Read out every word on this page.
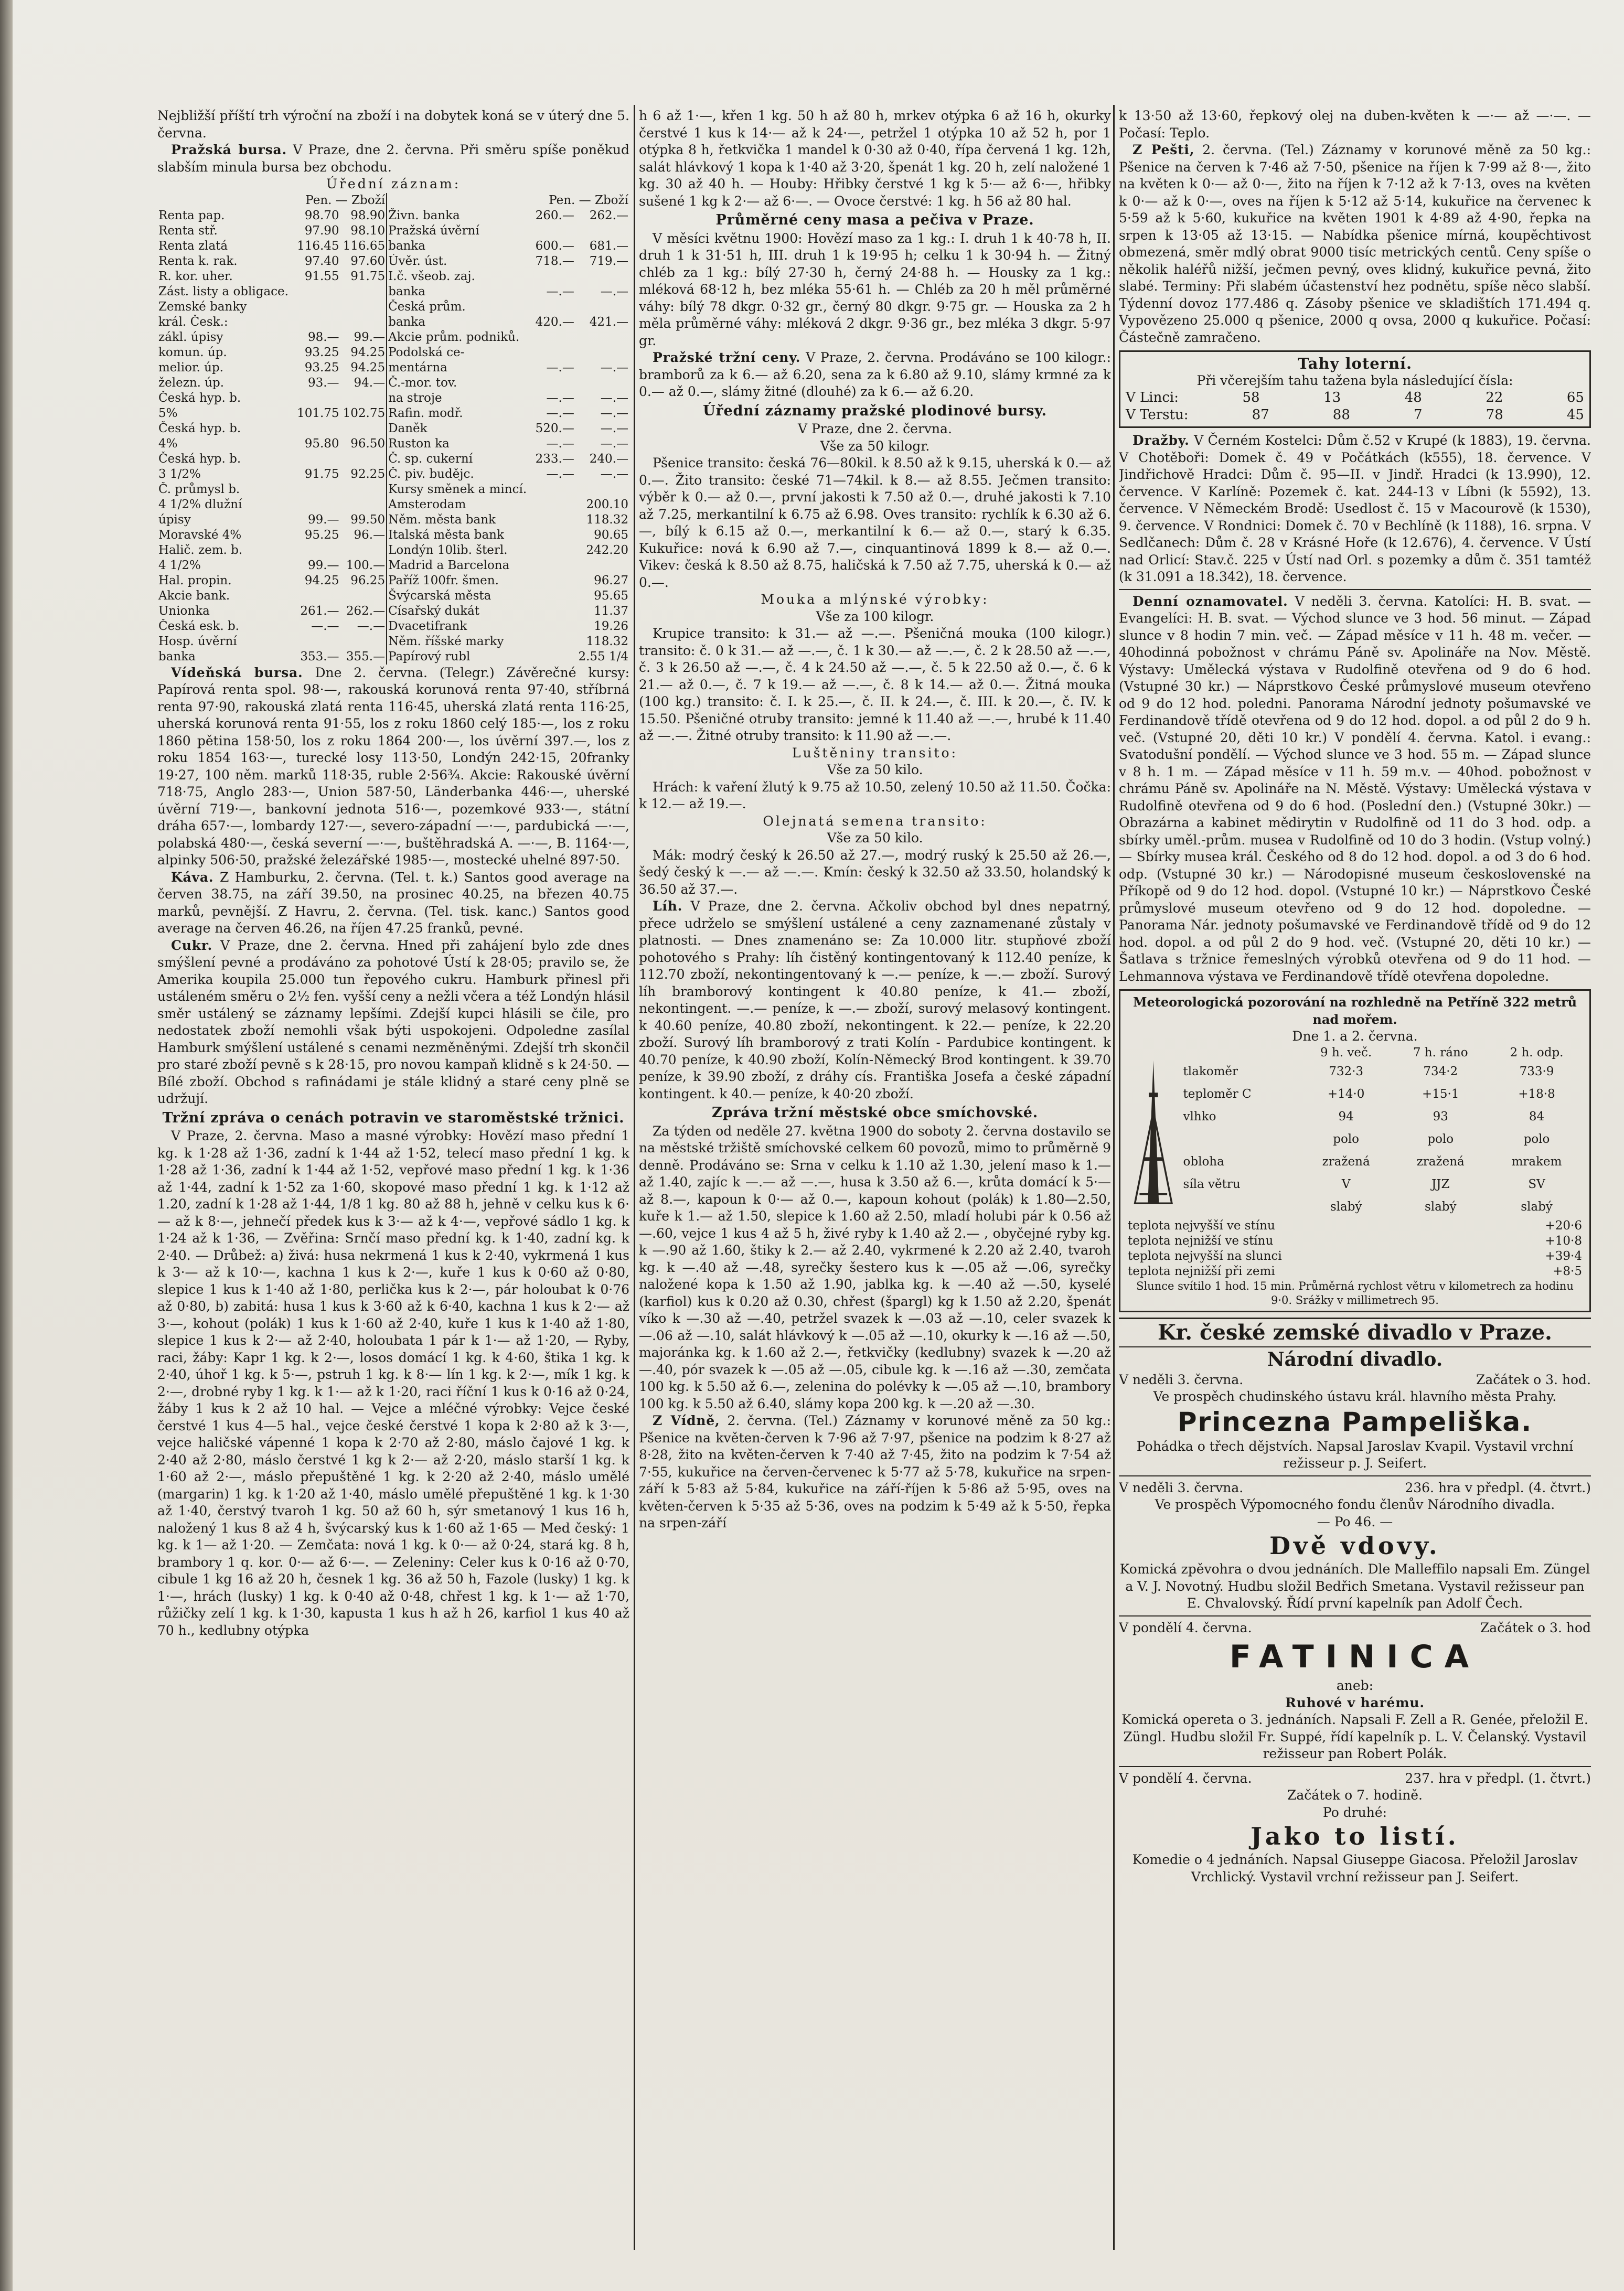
Nejbližší příští trh výroční na zboží i na dobytek koná se v úterý dne 5. června.

Pražská bursa. V Praze, dne 2. června. Při směru spíše poněkud slabším minula bursa bez obchodu.

Úřední záznam:

Pen. — Zboží			Pen. — Zboží		
Renta pap.	98.70	98.90	Živn. banka	260.—	262.—
Renta stř.	97.90	98.10	Pražská úvěrní		
Renta zlatá	116.45	116.65	banka	600.—	681.—
Renta k. rak.	97.40	97.60	Úvěr. úst.	718.—	719.—
R. kor. uher.	91.55	91.75	I.č. všeob. zaj.		
Zást. listy a obligace.			banka	—.—	—.—
Zemské banky			Česká prům.		
král. Česk.:			banka	420.—	421.—
zákl. úpisy	98.—	99.—	Akcie prům. podniků.		
komun. úp.	93.25	94.25	Podolská ce-		
melior. úp.	93.25	94.25	mentárna	—.—	—.—
železn. úp.	93.—	94.—	Č.-mor. tov.		
Česká hyp. b.			na stroje	—.—	—.—
5%	101.75	102.75	Rafin. modř.	—.—	—.—
Česká hyp. b.			Daněk	520.—	—.—
4%	95.80	96.50	Ruston ka	—.—	—.—
Česká hyp. b.			Č. sp. cukerní	233.—	240.—
3 1/2%	91.75	92.25	Č. piv. budějc.	—.—	—.—
Č. průmysl b.			Kursy směnek a mincí.		
4 1/2% dlužní			Amsterodam		200.10
úpisy	99.—	99.50	Něm. města bank		118.32
Moravské 4%	95.25	96.—	Italská města bank		90.65
Halič. zem. b.			Londýn 10lib. šterl.		242.20
4 1/2%	99.—	100.—	Madrid a Barcelona		
Hal. propin.	94.25	96.25	Paříž 100fr. šmen.		96.27
Akcie bank.			Švýcarská města		95.65
Unionka	261.—	262.—	Císařský dukát		11.37
Česká esk. b.	—.—	—.—	Dvacetifrank		19.26
Hosp. úvěrní			Něm. říšské marky		118.32
banka	353.—	355.—	Papírový rubl		2.55 1/4

Vídeňská bursa. Dne 2. června. (Telegr.) Závěrečné kursy: Papírová renta spol. 98·—, rakouská korunová renta 97·40, stříbrná renta 97·90, rakouská zlatá renta 116·45, uherská zlatá renta 116·25, uherská korunová renta 91·55, los z roku 1860 celý 185·—, los z roku 1860 pětina 158·50, los z roku 1864 200·—, los úvěrní 397.—, los z roku 1854 163·—, turecké losy 113·50, Londýn 242·15, 20franky 19·27, 100 něm. marků 118·35, ruble 2·56¾. Akcie: Rakouské úvěrní 718·75, Anglo 283·—, Union 587·50, Länderbanka 446·—, uherské úvěrní 719·—, bankovní jednota 516·—, pozemkové 933·—, státní dráha 657·—, lombardy 127·—, severo-západní —·—, pardubická —·—, polabská 480·—, česká severní —·—, buštěhradská A. —·—, B. 1164·—, alpinky 506·50, pražské železářské 1985·—, mostecké uhelné 897·50.

Káva. Z Hamburku, 2. června. (Tel. t. k.) Santos good average na červen 38.75, na září 39.50, na prosinec 40.25, na březen 40.75 marků, pevnější. Z Havru, 2. června. (Tel. tisk. kanc.) Santos good average na červen 46.26, na říjen 47.25 franků, pevné.

Cukr. V Praze, dne 2. června. Hned při zahájení bylo zde dnes smýšlení pevné a prodáváno za pohotové Ústí k 28·05; pravilo se, že Amerika koupila 25.000 tun řepového cukru. Hamburk přinesl při ustáleném směru o 2½ fen. vyšší ceny a nežli včera a též Londýn hlásil směr ustálený se záznamy lepšími. Zdejší kupci hlásili se čile, pro nedostatek zboží nemohli však býti uspokojeni. Odpoledne zasílal Hamburk smýšlení ustálené s cenami nezměněnými. Zdejší trh skončil pro staré zboží pevně s k 28·15, pro novou kampaň klidně s k 24·50. — Bílé zboží. Obchod s rafinádami je stále klidný a staré ceny plně se udržují.

Tržní zpráva o cenách potravin ve staroměstské tržnici.

V Praze, 2. června. Maso a masné výrobky: Hovězí maso přední 1 kg. k 1·28 až 1·36, zadní k 1·44 až 1·52, telecí maso přední 1 kg. k 1·28 až 1·36, zadní k 1·44 až 1·52, vepřové maso přední 1 kg. k 1·36 až 1·44, zadní k 1·52 za 1·60, skopové maso přední 1 kg. k 1·12 až 1.20, zadní k 1·28 až 1·44, 1/8 1 kg. 80 až 88 h, jehně v celku kus k 6·— až k 8·—, jehnečí předek kus k 3·— až k 4·—, vepřové sádlo 1 kg. k 1·24 až k 1·36, — Zvěřina: Srnčí maso přední kg. k 1·40, zadní kg. k 2·40. — Drůbež: a) živá: husa nekrmená 1 kus k 2·40, vykrmená 1 kus k 3·— až k 10·—, kachna 1 kus k 2·—, kuře 1 kus k 0·60 až 0·80, slepice 1 kus k 1·40 až 1·80, perlička kus k 2·—, pár holoubat k 0·76 až 0·80, b) zabitá: husa 1 kus k 3·60 až k 6·40, kachna 1 kus k 2·— až 3·—, kohout (polák) 1 kus k 1·60 až 2·40, kuře 1 kus k 1·40 až 1·80, slepice 1 kus k 2·— až 2·40, holoubata 1 pár k 1·— až 1·20, — Ryby, raci, žáby: Kapr 1 kg. k 2·—, losos domácí 1 kg. k 4·60, štika 1 kg. k 2·40, úhoř 1 kg. k 5·—, pstruh 1 kg. k 8·— lín 1 kg. k 2·—, mík 1 kg. k 2·—, drobné ryby 1 kg. k 1·— až k 1·20, raci říční 1 kus k 0·16 až 0·24, žáby 1 kus k 2 až 10 hal. — Vejce a mléčné výrobky: Vejce české čerstvé 1 kus 4—5 hal., vejce české čerstvé 1 kopa k 2·80 až k 3·—, vejce haličské vápenné 1 kopa k 2·70 až 2·80, máslo čajové 1 kg. k 2·40 až 2·80, máslo čerstvé 1 kg k 2·— až 2·20, máslo starší 1 kg. k 1·60 až 2·—, máslo přepuštěné 1 kg. k 2·20 až 2·40, máslo umělé (margarin) 1 kg. k 1·20 až 1·40, máslo umělé přepuštěné 1 kg. k 1·30 až 1·40, čerstvý tvaroh 1 kg. 50 až 60 h, sýr smetanový 1 kus 16 h, naložený 1 kus 8 až 4 h, švýcarský kus k 1·60 až 1·65 — Med český: 1 kg. k 1— až 1·20. — Zemčata: nová 1 kg. k 0·— až 0·24, stará kg. 8 h, brambory 1 q. kor. 0·— až 6·—. — Zeleniny: Celer kus k 0·16 až 0·70, cibule 1 kg 16 až 20 h, česnek 1 kg. 36 až 50 h, Fazole (lusky) 1 kg. k 1·—, hrách (lusky) 1 kg. k 0·40 až 0·48, chřest 1 kg. k 1·— až 1·70, růžičky zelí 1 kg. k 1·30, kapusta 1 kus h až h 26, karfiol 1 kus 40 až 70 h., kedlubny otýpka

h 6 až 1·—, křen 1 kg. 50 h až 80 h, mrkev otýpka 6 až 16 h, okurky čerstvé 1 kus k 14·— až k 24·—, petržel 1 otýpka 10 až 52 h, por 1 otýpka 8 h, řetkvička 1 mandel k 0·30 až 0·40, řípa červená 1 kg. 12h, salát hlávkový 1 kopa k 1·40 až 3·20, špenát 1 kg. 20 h, zelí naložené 1 kg. 30 až 40 h. — Houby: Hřibky čerstvé 1 kg k 5·— až 6·—, hřibky sušené 1 kg k 2·— až 6·—. — Ovoce čerstvé: 1 kg. h 56 až 80 hal.

Průměrné ceny masa a pečiva v Praze.

V měsíci květnu 1900: Hovězí maso za 1 kg.: I. druh 1 k 40·78 h, II. druh 1 k 31·51 h, III. druh 1 k 19·95 h; celku 1 k 30·94 h. — Žitný chléb za 1 kg.: bílý 27·30 h, černý 24·88 h. — Housky za 1 kg.: mléková 68·12 h, bez mléka 55·61 h. — Chléb za 20 h měl průměrné váhy: bílý 78 dkgr. 0·32 gr., černý 80 dkgr. 9·75 gr. — Houska za 2 h měla průměrné váhy: mléková 2 dkgr. 9·36 gr., bez mléka 3 dkgr. 5·97 gr.

Pražské tržní ceny. V Praze, 2. června. Prodáváno se 100 kilogr.: bramborů za k 6.— až 6.20, sena za k 6.80 až 9.10, slámy krmné za k 0.— až 0.—, slámy žitné (dlouhé) za k 6.— až 6.20.

Úřední záznamy pražské plodinové bursy.

V Praze, dne 2. června.

Vše za 50 kilogr.

Pšenice transito: česká 76—80kil. k 8.50 až k 9.15, uherská k 0.— až 0.—. Žito transito: české 71—74kil. k 8.— až 8.55. Ječmen transito: výběr k 0.— až 0.—, první jakosti k 7.50 až 0.—, druhé jakosti k 7.10 až 7.25, merkantilní k 6.75 až 6.98. Oves transito: rychlík k 6.30 až 6.—, bílý k 6.15 až 0.—, merkantilní k 6.— až 0.—, starý k 6.35. Kukuřice: nová k 6.90 až 7.—, cinquantinová 1899 k 8.— až 0.—. Vikev: česká k 8.50 až 8.75, haličská k 7.50 až 7.75, uherská k 0.— až 0.—.

Mouka a mlýnské výrobky:

Vše za 100 kilogr.

Krupice transito: k 31.— až —.—. Pšeničná mouka (100 kilogr.) transito: č. 0 k 31.— až —.—, č. 1 k 30.— až —.—, č. 2 k 28.50 až —.—, č. 3 k 26.50 až —.—, č. 4 k 24.50 až —.—, č. 5 k 22.50 až 0.—, č. 6 k 21.— až 0.—, č. 7 k 19.— až —.—, č. 8 k 14.— až 0.—. Žitná mouka (100 kg.) transito: č. I. k 25.—, č. II. k 24.—, č. III. k 20.—, č. IV. k 15.50. Pšeničné otruby transito: jemné k 11.40 až —.—, hrubé k 11.40 až —.—. Žitné otruby transito: k 11.90 až —.—.

Luštěniny transito:

Vše za 50 kilo.

Hrách: k vaření žlutý k 9.75 až 10.50, zelený 10.50 až 11.50. Čočka: k 12.— až 19.—.

Olejnatá semena transito:

Vše za 50 kilo.

Mák: modrý český k 26.50 až 27.—, modrý ruský k 25.50 až 26.—, šedý český k —.— až —.—. Kmín: český k 32.50 až 33.50, holandský k 36.50 až 37.—.

Líh. V Praze, dne 2. června. Ačkoliv obchod byl dnes nepatrný, přece udrželo se smýšlení ustálené a ceny zaznamenané zůstaly v platnosti. — Dnes znamenáno se: Za 10.000 litr. stupňové zboží pohotového s Prahy: líh čistěný kontingentovaný k 112.40 peníze, k 112.70 zboží, nekontingentovaný k —.— peníze, k —.— zboží. Surový líh bramborový kontingent k 40.80 peníze, k 41.— zboží, nekontingent. —.— peníze, k —.— zboží, surový melasový kontingent. k 40.60 peníze, 40.80 zboží, nekontingent. k 22.— peníze, k 22.20 zboží. Surový líh bramborový z trati Kolín - Pardubice kontingent. k 40.70 peníze, k 40.90 zboží, Kolín-Německý Brod kontingent. k 39.70 peníze, k 39.90 zboží, z dráhy cís. Františka Josefa a české západní kontingent. k 40.— peníze, k 40·20 zboží.

Zpráva tržní městské obce smíchovské.

Za týden od neděle 27. května 1900 do soboty 2. června dostavilo se na městské tržiště smíchovské celkem 60 povozů, mimo to průměrně 9 denně. Prodáváno se: Srna v celku k 1.10 až 1.30, jelení maso k 1.— až 1.40, zajíc k —.— až —.—, husa k 3.50 až 6.—, krůta domácí k 5·— až 8.—, kapoun k 0·— až 0.—, kapoun kohout (polák) k 1.80—2.50, kuře k 1.— až 1.50, slepice k 1.60 až 2.50, mladí holubi pár k 0.56 až —.60, vejce 1 kus 4 až 5 h, živé ryby k 1.40 až 2.— , obyčejné ryby kg. k —.90 až 1.60, štiky k 2.— až 2.40, vykrmené k 2.20 až 2.40, tvaroh kg. k —.40 až —.48, syrečky šestero kus k —.05 až —.06, syrečky naložené kopa k 1.50 až 1.90, jablka kg. k —.40 až —.50, kyselé (karfiol) kus k 0.20 až 0.30, chřest (špargl) kg k 1.50 až 2.20, špenát víko k —.30 až —.40, petržel svazek k —.03 až —.10, celer svazek k —.06 až —.10, salát hlávkový k —.05 až —.10, okurky k —.16 až —.50, majoránka kg. k 1.60 až 2.—, řetkvičky (kedlubny) svazek k —.20 až —.40, pór svazek k —.05 až —.05, cibule kg. k —.16 až —.30, zemčata 100 kg. k 5.50 až 6.—, zelenina do polévky k —.05 až —.10, brambory 100 kg. k 5.50 až 6.40, slámy kopa 200 kg. k —.20 až —.30.

Z Vídně, 2. června. (Tel.) Záznamy v korunové měně za 50 kg.: Pšenice na květen-červen k 7·96 až 7·97, pšenice na podzim k 8·27 až 8·28, žito na květen-červen k 7·40 až 7·45, žito na podzim k 7·54 až 7·55, kukuřice na červen-červenec k 5·77 až 5·78, kukuřice na srpen-září k 5·83 až 5·84, kukuřice na září-říjen k 5·86 až 5·95, oves na květen-červen k 5·35 až 5·36, oves na podzim k 5·49 až k 5·50, řepka na srpen-září

k 13·50 až 13·60, řepkový olej na duben-květen k —·— až —·—. — Počasí: Teplo.

Z Pešti, 2. června. (Tel.) Záznamy v korunové měně za 50 kg.: Pšenice na červen k 7·46 až 7·50, pšenice na říjen k 7·99 až 8·—, žito na květen k 0·— až 0·—, žito na říjen k 7·12 až k 7·13, oves na květen k 0·— až k 0·—, oves na říjen k 5·12 až 5·14, kukuřice na červenec k 5·59 až k 5·60, kukuřice na květen 1901 k 4·89 až 4·90, řepka na srpen k 13·05 až 13·15. — Nabídka pšenice mírná, koupěchtivost obmezená, směr mdlý obrat 9000 tisíc metrických centů. Ceny spíše o několik haléřů nižší, ječmen pevný, oves klidný, kukuřice pevná, žito slabé. Terminy: Při slabém účastenství hez podnětu, spíše něco slabší. Týdenní dovoz 177.486 q. Zásoby pšenice ve skladištích 171.494 q. Vypovězeno 25.000 q pšenice, 2000 q ovsa, 2000 q kukuřice. Počasí: Částečně zamračeno.

Tahy loterní.

Při včerejším tahu tažena byla následující čísla:

V Linci:	58	13	48	22	65
V Terstu:	87	88	7	78	45

Dražby. V Černém Kostelci: Dům č.52 v Krupé (k 1883), 19. června. V Chotěboři: Domek č. 49 v Počátkách (k555), 18. července. V Jindřichově Hradci: Dům č. 95—II. v Jindř. Hradci (k 13.990), 12. července. V Karlíně: Pozemek č. kat. 244-13 v Líbni (k 5592), 13. července. V Německém Brodě: Usedlost č. 15 v Macourově (k 1530), 9. července. V Rondnici: Domek č. 70 v Bechlíně (k 1188), 16. srpna. V Sedlčanech: Dům č. 28 v Krásné Hoře (k 12.676), 4. července. V Ústí nad Orlicí: Stav.č. 225 v Ústí nad Orl. s pozemky a dům č. 351 tamtéž (k 31.091 a 18.342), 18. července.

Denní oznamovatel. V neděli 3. června. Katolíci: H. B. svat. — Evangelíci: H. B. svat. — Východ slunce ve 3 hod. 56 minut. — Západ slunce v 8 hodin 7 min. več. — Západ měsíce v 11 h. 48 m. večer. — 40hodinná pobožnost v chrámu Páně sv. Apolináře na Nov. Městě. Výstavy: Umělecká výstava v Rudolfině otevřena od 9 do 6 hod. (Vstupné 30 kr.) — Náprstkovo České průmyslové museum otevřeno od 9 do 12 hod. poledni. Panorama Národní jednoty pošumavské ve Ferdinandově třídě otevřena od 9 do 12 hod. dopol. a od půl 2 do 9 h. več. (Vstupné 20, děti 10 kr.) V pondělí 4. června. Katol. i evang.: Svatodušní pondělí. — Východ slunce ve 3 hod. 55 m. — Západ slunce v 8 h. 1 m. — Západ měsíce v 11 h. 59 m.v. — 40hod. pobožnost v chrámu Páně sv. Apolináře na N. Městě. Výstavy: Umělecká výstava v Rudolfině otevřena od 9 do 6 hod. (Poslední den.) (Vstupné 30kr.) — Obrazárna a kabinet mědirytin v Rudolfině od 11 do 3 hod. odp. a sbírky uměl.-prům. musea v Rudolfině od 10 do 3 hodin. (Vstup volný.) — Sbírky musea král. Českého od 8 do 12 hod. dopol. a od 3 do 6 hod. odp. (Vstupné 30 kr.) — Národopisné museum československé na Příkopě od 9 do 12 hod. dopol. (Vstupné 10 kr.) — Náprstkovo České průmyslové museum otevřeno od 9 do 12 hod. dopoledne. — Panorama Nár. jednoty pošumavské ve Ferdinandově třídě od 9 do 12 hod. dopol. a od půl 2 do 9 hod. več. (Vstupné 20, děti 10 kr.) — Šatlava s tržnice řemeslných výrobků otevřena od 9 do 11 hod. — Lehmannova výstava ve Ferdinandově třídě otevřena dopoledne.

Meteorologická pozorování na rozhledně na Petříně 322 metrů nad mořem.
Dne 1. a 2. června.
	9 h. več.	7 h. ráno	2 h. odp.
tlakoměr	732·3	734·2	733·9
teploměr C	+14·0	+15·1	+18·8
vlhko	94	93	84
	polo	polo	polo
obloha	zražená	zražená	mrakem
síla větru	V	JJZ	SV
	slabý	slabý	slabý
teplota nejvyšší ve stínu	+20·6
teplota nejnižší ve stínu	+10·8
teplota nejvyšší na slunci	+39·4
teplota nejnižší při zemi	+8·5

Slunce svítilo 1 hod. 15 min. Průměrná rychlost větru v kilometrech za hodinu 9·0. Srážky v millimetrech 95.

Kr. české zemské divadlo v Praze.
Národní divadlo.
V neděli 3. června.	Začátek o 3. hod.

Ve prospěch chudinského ústavu král. hlavního města Prahy.

Princezna Pampeliška.

Pohádka o třech dějstvích. Napsal Jaroslav Kvapil. Vystavil vrchní režisseur p. J. Seifert.

V neděli 3. června.	236. hra v předpl. (4. čtvrt.)

Ve prospěch Výpomocného fondu členův Národního divadla.

— Po 46. —

Dvě vdovy.

Komická zpěvohra o dvou jednáních. Dle Malleffilo napsali Em. Züngel a V. J. Novotný. Hudbu složil Bedřich Smetana. Vystavil režisseur pan E. Chvalovský. Řídí první kapelník pan Adolf Čech.

V pondělí 4. června.	Začátek o 3. hod
FATINICA

aneb:

Ruhové v harému.

Komická opereta o 3. jednáních. Napsali F. Zell a R. Genée, přeložil E. Züngl. Hudbu složil Fr. Suppé, řídí kapelník p. L. V. Čelanský. Vystavil režisseur pan Robert Polák.

V pondělí 4. června.	237. hra v předpl. (1. čtvrt.)

Začátek o 7. hodině.

Po druhé:

Jako to listí.

Komedie o 4 jednáních. Napsal Giuseppe Giacosa. Přeložil Jaroslav Vrchlický. Vystavil vrchní režisseur pan J. Seifert.
